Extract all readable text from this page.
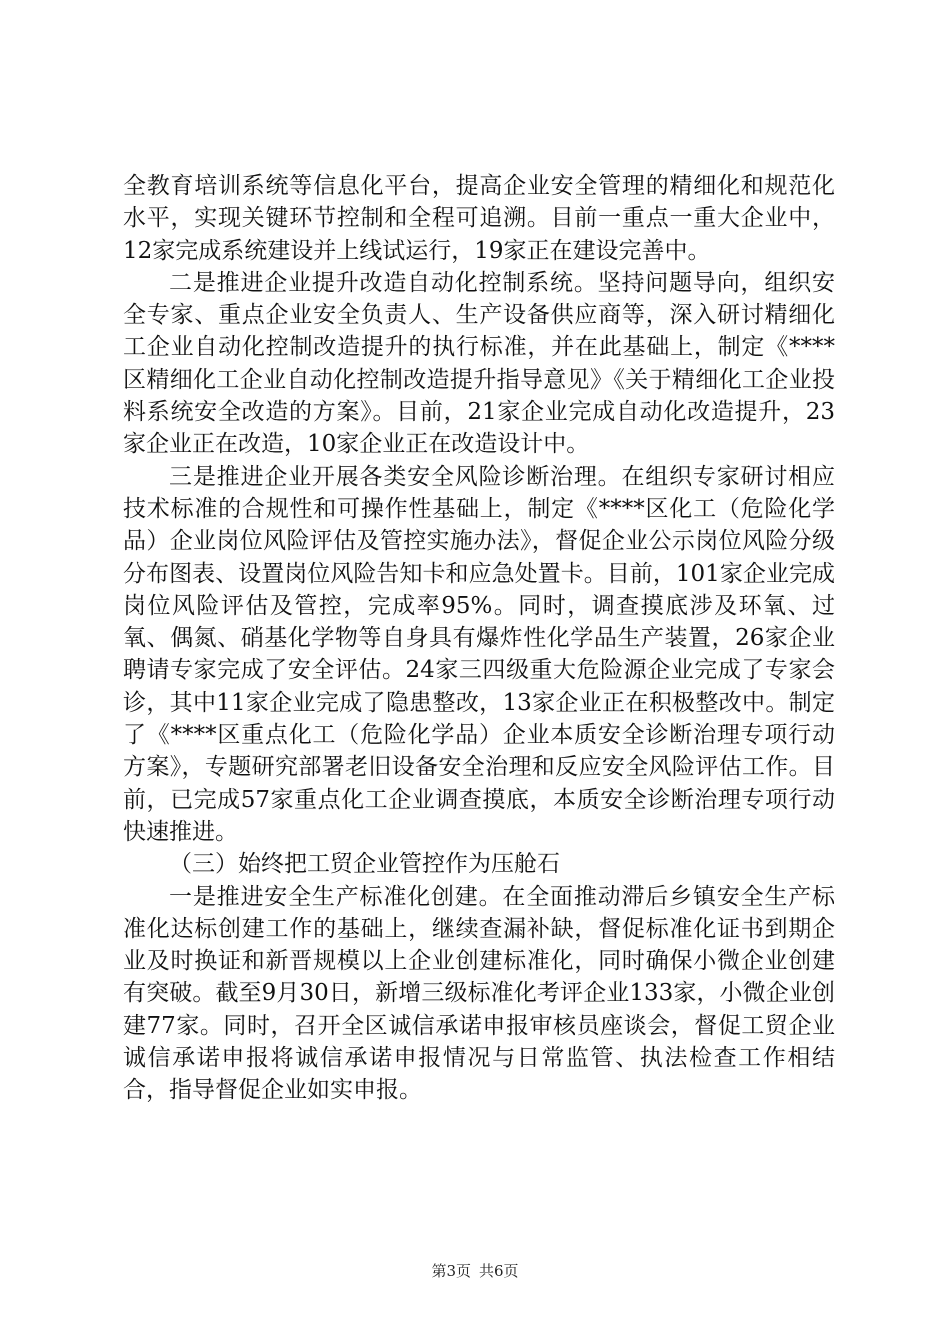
全教育培训系统等信息化平台，提高企业安全管理的精细化和规范化水平，实现关键环节控制和全程可追溯。目前一重点一重大企业中，12家完成系统建设并上线试运行，19家正在建设完善中。

二是推进企业提升改造自动化控制系统。坚持问题导向，组织安全专家、重点企业安全负责人、生产设备供应商等，深入研讨精细化工企业自动化控制改造提升的执行标准，并在此基础上，制定《****区精细化工企业自动化控制改造提升指导意见》《关于精细化工企业投料系统安全改造的方案》。目前，21家企业完成自动化改造提升，23家企业正在改造，10家企业正在改造设计中。

三是推进企业开展各类安全风险诊断治理。在组织专家研讨相应技术标准的合规性和可操作性基础上，制定《****区化工（危险化学品）企业岗位风险评估及管控实施办法》，督促企业公示岗位风险分级分布图表、设置岗位风险告知卡和应急处置卡。目前，101家企业完成岗位风险评估及管控，完成率95%。同时，调查摸底涉及环氧、过氧、偶氮、硝基化学物等自身具有爆炸性化学品生产装置，26家企业聘请专家完成了安全评估。24家三四级重大危险源企业完成了专家会诊，其中11家企业完成了隐患整改，13家企业正在积极整改中。制定了《****区重点化工（危险化学品）企业本质安全诊断治理专项行动方案》，专题研究部署老旧设备安全治理和反应安全风险评估工作。目前，已完成57家重点化工企业调查摸底，本质安全诊断治理专项行动快速推进。

（三）始终把工贸企业管控作为压舱石

一是推进安全生产标准化创建。在全面推动滞后乡镇安全生产标准化达标创建工作的基础上，继续查漏补缺，督促标准化证书到期企业及时换证和新晋规模以上企业创建标准化，同时确保小微企业创建有突破。截至9月30日，新增三级标准化考评企业133家，小微企业创建77家。同时，召开全区诚信承诺申报审核员座谈会，督促工贸企业诚信承诺申报将诚信承诺申报情况与日常监管、执法检查工作相结合，指导督促企业如实申报。

第3页 共6页
